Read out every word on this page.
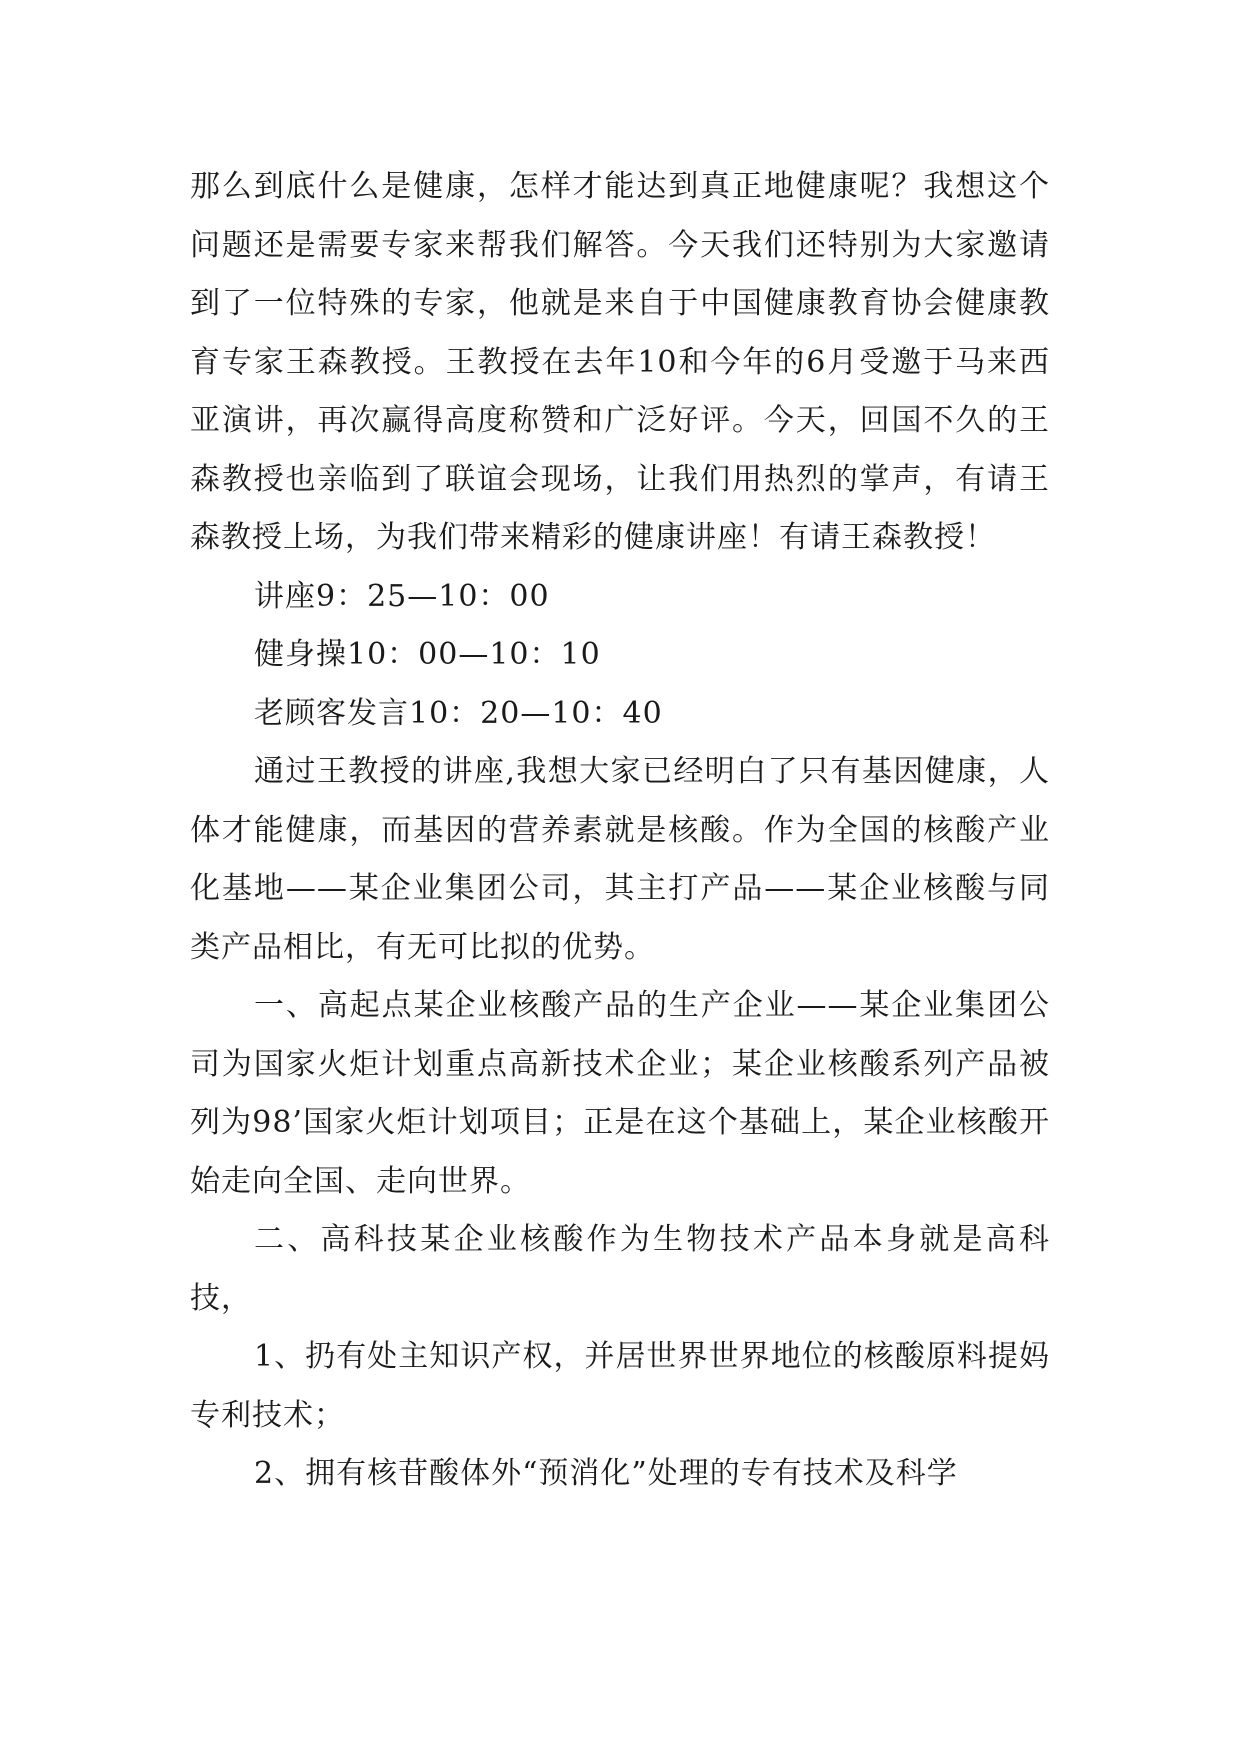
那么到底什么是健康，怎样才能达到真正地健康呢？我想这个问题还是需要专家来帮我们解答。今天我们还特别为大家邀请到了一位特殊的专家，他就是来自于中国健康教育协会健康教育专家王森教授。王教授在去年10和今年的6月受邀于马来西亚演讲，再次赢得高度称赞和广泛好评。今天，回国不久的王森教授也亲临到了联谊会现场，让我们用热烈的掌声，有请王森教授上场，为我们带来精彩的健康讲座！有请王森教授！

讲座9：25—10：00

健身操10：00—10：10

老顾客发言10：20—10：40

通过王教授的讲座,我想大家已经明白了只有基因健康，人体才能健康，而基因的营养素就是核酸。作为全国的核酸产业化基地——某企业集团公司，其主打产品——某企业核酸与同类产品相比，有无可比拟的优势。

一、高起点某企业核酸产品的生产企业——某企业集团公司为国家火炬计划重点高新技术企业；某企业核酸系列产品被列为98’国家火炬计划项目；正是在这个基础上，某企业核酸开始走向全国、走向世界。

二、高科技某企业核酸作为生物技术产品本身就是高科技，

1、扔有处主知识产权，并居世界世界地位的核酸原料提妈专利技术；

2、拥有核苷酸体外“预消化”处理的专有技术及科学
